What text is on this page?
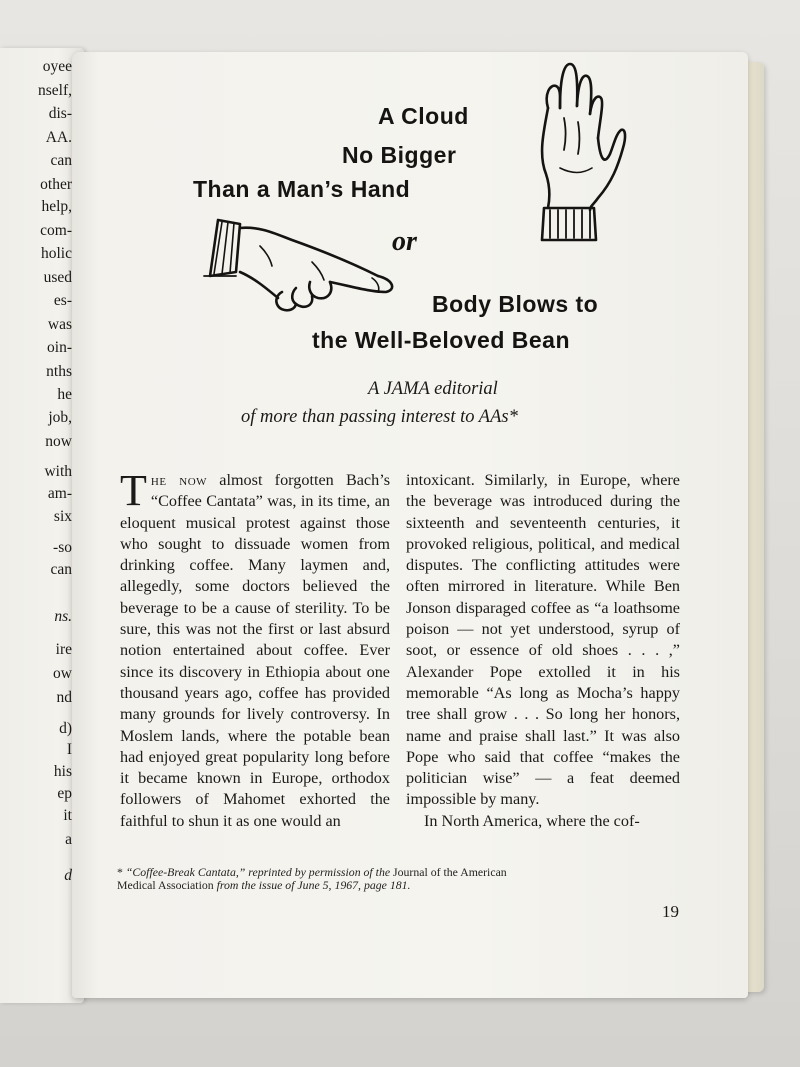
oyee
nself,
dis-
AA.
can
other
help,
com-
holic
used
es-
was
oin-
nths
he
job,
now
with
am-
six
-so
can
ns.
ire
ow
nd
d)
I
his
ep
it
a
d
A Cloud
No Bigger
Than a Man’s Hand
or
Body Blows to
the Well-Beloved Bean
A JAMA editorial
of more than passing interest to AAs*

The now almost forgotten Bach’s “Coffee Cantata” was, in its time, an eloquent musical protest against those who sought to dissuade women from drinking coffee. Many laymen and, allegedly, some doctors believed the beverage to be a cause of sterility. To be sure, this was not the first or last absurd notion entertained about coffee. Ever since its discovery in Ethiopia about one thousand years ago, coffee has provided many grounds for lively controversy. In Moslem lands, where the potable bean had enjoyed great popularity long before it became known in Europe, orthodox followers of Mahomet exhorted the faithful to shun it as one would an

intoxicant. Similarly, in Europe, where the beverage was introduced during the sixteenth and seventeenth centuries, it provoked religious, political, and medical disputes. The conflicting attitudes were often mirrored in literature. While Ben Jonson disparaged coffee as “a loathsome poison — not yet understood, syrup of soot, or essence of old shoes . . . ,” Alexander Pope extolled it in his memorable “As long as Mocha’s happy tree shall grow . . . So long her honors, name and praise shall last.” It was also Pope who said that coffee “makes the politician wise” — a feat deemed impossible by many.

In North America, where the cof-

* “Coffee-Break Cantata,” reprinted by permission of the Journal of the American Medical Association from the issue of June 5, 1967, page 181.
19
